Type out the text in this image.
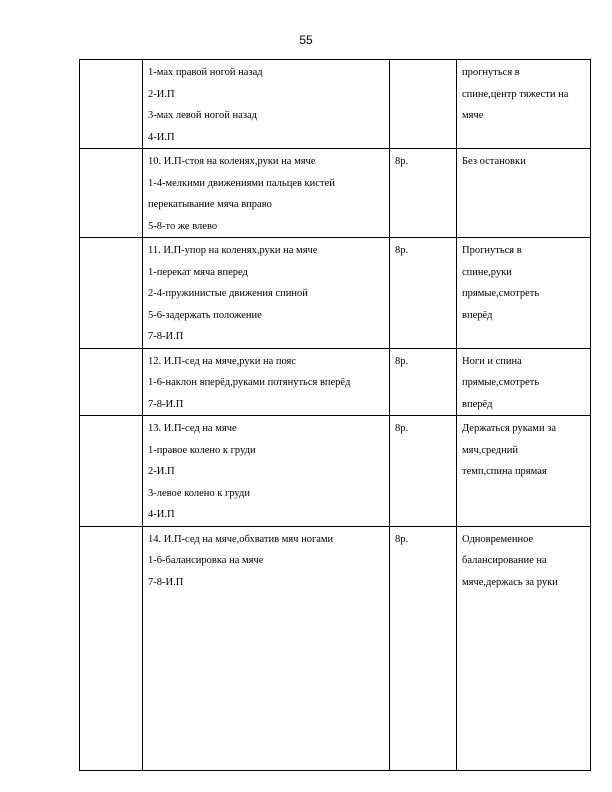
55

	1-мах правой ногой назад
2-И.П
3-мах левой ногой назад
4-И.П		прогнуться в
спине,центр тяжести на
мяче

	10. И.П-стоя на коленях,руки на мяче
1-4-мелкими движениями пальцев кистей
перекатывание мяча вправо
5-8-то же влево	8р.	Без остановки

	11. И.П-упор на коленях,руки на мяче
1-перекат мяча вперед
2-4-пружинистые движения спиной
5-6-задержать положение
7-8-И.П	8р.	Прогнуться в
спине,руки
прямые,смотреть
вперёд

	12. И.П-сед на мяче,руки на пояс
1-6-наклон вперёд,руками потянуться вперёд
7-8-И.П	8р.	Ноги и спина
прямые,смотреть
вперёд

	13. И.П-сед на мяче
1-правое колено к груди
2-И.П
3-левое колено к груди
4-И.П	8р.	Держаться руками за
мяч,средний
темп,спина прямая

	14. И.П-сед на мяче,обхватив мяч ногами
1-6-балансировка на мяче
7-8-И.П	8р.	Одновременное
балансирование на
мяче,держась за руки
